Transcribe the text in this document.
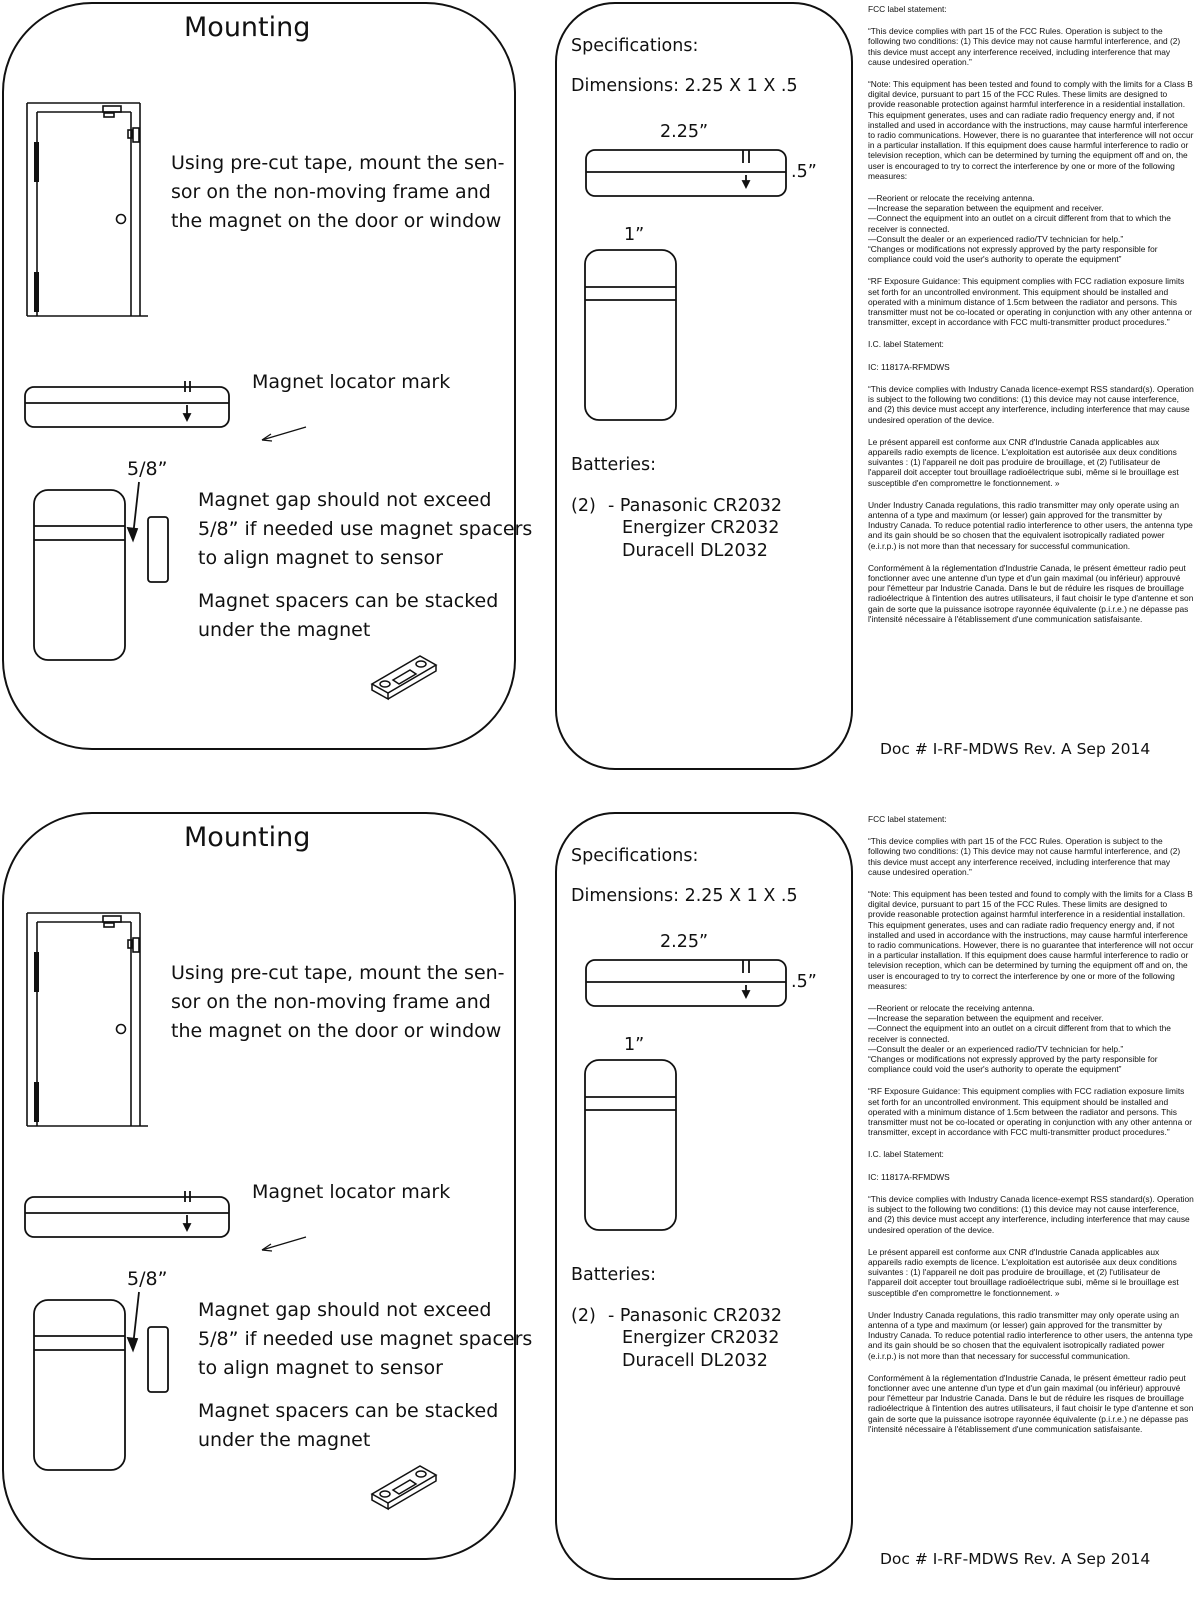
Mounting
Using pre-cut tape, mount the sen-
sor on the non-moving frame and
the magnet on the door or window
Magnet locator mark
5/8”
Magnet gap should not exceed
5/8” if needed use magnet spacers
to align magnet to sensor
Magnet spacers can be stacked
under the magnet
Specifications:
Dimensions: 2.25 X 1 X .5
2.25”
.5”
1”
Batteries:
(2) - Panasonic CR2032
Energizer CR2032
Duracell DL2032

FCC label statement:

“This device complies with part 15 of the FCC Rules. Operation is subject to the following two conditions: (1) This device may not cause harmful interference, and (2) this device must accept any interference received, including interference that may cause undesired operation.”

“Note: This equipment has been tested and found to comply with the limits for a Class B digital device, pursuant to part 15 of the FCC Rules. These limits are designed to provide reasonable protection against harmful interference in a residential installation. This equipment generates, uses and can radiate radio frequency energy and, if not installed and used in accordance with the instructions, may cause harmful interference to radio communications. However, there is no guarantee that interference will not occur in a particular installation. If this equipment does cause harmful interference to radio or television reception, which can be determined by turning the equipment off and on, the user is encouraged to try to correct the interference by one or more of the following measures:

—Reorient or relocate the receiving antenna.

—Increase the separation between the equipment and receiver.

—Connect the equipment into an outlet on a circuit different from that to which the receiver is connected.

—Consult the dealer or an experienced radio/TV technician for help.”

“Changes or modifications not expressly approved by the party responsible for compliance could void the user's authority to operate the equipment”

“RF Exposure Guidance: This equipment complies with FCC radiation exposure limits set forth for an uncontrolled environment. This equipment should be installed and operated with a minimum distance of 1.5cm between the radiator and persons. This transmitter must not be co-located or operating in conjunction with any other antenna or transmitter, except in accordance with FCC multi-transmitter product procedures.”

I.C. label Statement:

IC: 11817A-RFMDWS

“This device complies with Industry Canada licence-exempt RSS standard(s). Operation is subject to the following two conditions: (1) this device may not cause interference, and (2) this device must accept any interference, including interference that may cause undesired operation of the device.

Le présent appareil est conforme aux CNR d'Industrie Canada applicables aux appareils radio exempts de licence. L'exploitation est autorisée aux deux conditions suivantes : (1) l'appareil ne doit pas produire de brouillage, et (2) l'utilisateur de l'appareil doit accepter tout brouillage radioélectrique subi, même si le brouillage est susceptible d'en compromettre le fonctionnement. »

Under Industry Canada regulations, this radio transmitter may only operate using an antenna of a type and maximum (or lesser) gain approved for the transmitter by Industry Canada. To reduce potential radio interference to other users, the antenna type and its gain should be so chosen that the equivalent isotropically radiated power (e.i.r.p.) is not more than that necessary for successful communication.

Conformément à la réglementation d'Industrie Canada, le présent émetteur radio peut fonctionner avec une antenne d'un type et d'un gain maximal (ou inférieur) approuvé pour l'émetteur par Industrie Canada. Dans le but de réduire les risques de brouillage radioélectrique à l'intention des autres utilisateurs, il faut choisir le type d'antenne et son gain de sorte que la puissance isotrope rayonnée équivalente (p.i.r.e.) ne dépasse pas l'intensité nécessaire à l'établissement d'une communication satisfaisante.

Doc # I-RF-MDWS Rev. A Sep 2014
Mounting
Using pre-cut tape, mount the sen-
sor on the non-moving frame and
the magnet on the door or window
Magnet locator mark
5/8”
Magnet gap should not exceed
5/8” if needed use magnet spacers
to align magnet to sensor
Magnet spacers can be stacked
under the magnet
Specifications:
Dimensions: 2.25 X 1 X .5
2.25”
.5”
1”
Batteries:
(2) - Panasonic CR2032
Energizer CR2032
Duracell DL2032

FCC label statement:

“This device complies with part 15 of the FCC Rules. Operation is subject to the following two conditions: (1) This device may not cause harmful interference, and (2) this device must accept any interference received, including interference that may cause undesired operation.”

“Note: This equipment has been tested and found to comply with the limits for a Class B digital device, pursuant to part 15 of the FCC Rules. These limits are designed to provide reasonable protection against harmful interference in a residential installation. This equipment generates, uses and can radiate radio frequency energy and, if not installed and used in accordance with the instructions, may cause harmful interference to radio communications. However, there is no guarantee that interference will not occur in a particular installation. If this equipment does cause harmful interference to radio or television reception, which can be determined by turning the equipment off and on, the user is encouraged to try to correct the interference by one or more of the following measures:

—Reorient or relocate the receiving antenna.

—Increase the separation between the equipment and receiver.

—Connect the equipment into an outlet on a circuit different from that to which the receiver is connected.

—Consult the dealer or an experienced radio/TV technician for help.”

“Changes or modifications not expressly approved by the party responsible for compliance could void the user's authority to operate the equipment”

“RF Exposure Guidance: This equipment complies with FCC radiation exposure limits set forth for an uncontrolled environment. This equipment should be installed and operated with a minimum distance of 1.5cm between the radiator and persons. This transmitter must not be co-located or operating in conjunction with any other antenna or transmitter, except in accordance with FCC multi-transmitter product procedures.”

I.C. label Statement:

IC: 11817A-RFMDWS

“This device complies with Industry Canada licence-exempt RSS standard(s). Operation is subject to the following two conditions: (1) this device may not cause interference, and (2) this device must accept any interference, including interference that may cause undesired operation of the device.

Le présent appareil est conforme aux CNR d'Industrie Canada applicables aux appareils radio exempts de licence. L'exploitation est autorisée aux deux conditions suivantes : (1) l'appareil ne doit pas produire de brouillage, et (2) l'utilisateur de l'appareil doit accepter tout brouillage radioélectrique subi, même si le brouillage est susceptible d'en compromettre le fonctionnement. »

Under Industry Canada regulations, this radio transmitter may only operate using an antenna of a type and maximum (or lesser) gain approved for the transmitter by Industry Canada. To reduce potential radio interference to other users, the antenna type and its gain should be so chosen that the equivalent isotropically radiated power (e.i.r.p.) is not more than that necessary for successful communication.

Conformément à la réglementation d'Industrie Canada, le présent émetteur radio peut fonctionner avec une antenne d'un type et d'un gain maximal (ou inférieur) approuvé pour l'émetteur par Industrie Canada. Dans le but de réduire les risques de brouillage radioélectrique à l'intention des autres utilisateurs, il faut choisir le type d'antenne et son gain de sorte que la puissance isotrope rayonnée équivalente (p.i.r.e.) ne dépasse pas l'intensité nécessaire à l'établissement d'une communication satisfaisante.

Doc # I-RF-MDWS Rev. A Sep 2014
